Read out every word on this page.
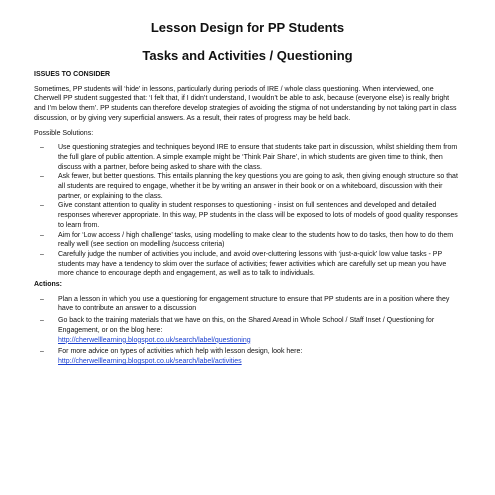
Lesson Design for PP Students
Tasks and Activities / Questioning
ISSUES TO CONSIDER

Sometimes, PP students will ‘hide’ in lessons, particularly during periods of IRE / whole class questioning. When interviewed, one Cherwell PP student suggested that: ‘I felt that, if I didn’t understand, I wouldn’t be able to ask, because (everyone else) is really bright and I’m below them’. PP students can therefore develop strategies of avoiding the stigma of not understanding by not taking part in class discussion, or by giving very superficial answers. As a result, their rates of progress may be held back.

Possible Solutions:

– Use questioning strategies and techniques beyond IRE to ensure that students take part in discussion, whilst shielding them from the full glare of public attention. A simple example might be ‘Think Pair Share’, in which students are given time to think, then discuss with a partner, before being asked to share with the class.
– Ask fewer, but better questions. This entails planning the key questions you are going to ask, then giving enough structure so that all students are required to engage, whether it be by writing an answer in their book or on a whiteboard, discussion with their partner, or explaining to the class.
– Give constant attention to quality in student responses to questioning - insist on full sentences and developed and detailed responses wherever appropriate. In this way, PP students in the class will be exposed to lots of models of good quality responses to learn from.
– Aim for ‘Low access / high challenge’ tasks, using modelling to make clear to the students how to do tasks, then how to do them really well (see section on modelling /success criteria)
– Carefully judge the number of activities you include, and avoid over-cluttering lessons with ‘just-a-quick’ low value tasks - PP students may have a tendency to skim over the surface of activities; fewer activities which are carefully set up mean you have more chance to encourage depth and engagement, as well as to talk to individuals.
Actions:
– Plan a lesson in which you use a questioning for engagement structure to ensure that PP students are in a position where they have to contribute an answer to a discussion
– Go back to the training materials that we have on this, on the Shared Aread in Whole School / Staff Inset / Questioning for Engagement, or on the blog here:
http://cherwelllearning.blogspot.co.uk/search/label/questioning
– For more advice on types of activities which help with lesson design, look here:
http://cherwelllearning.blogspot.co.uk/search/label/activities
